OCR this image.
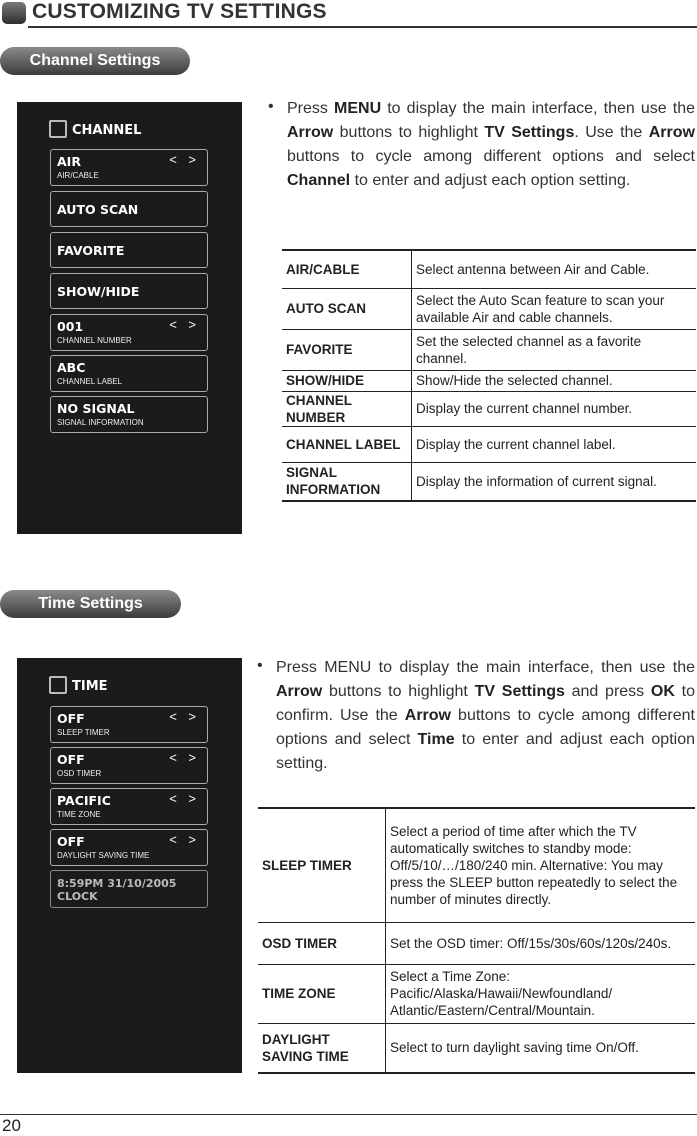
CUSTOMIZING TV SETTINGS
Channel Settings
CHANNEL
AIR
AIR/CABLE
< >
AUTO SCAN
FAVORITE
SHOW/HIDE
001
CHANNEL NUMBER
< >
ABC
CHANNEL LABEL
NO SIGNAL
SIGNAL INFORMATION
• Press MENU to display the main interface, then use the Arrow buttons to highlight TV Settings. Use the Arrow buttons to cycle among different options and select Channel to enter and adjust each option setting.
AIR/CABLE	Select antenna between Air and Cable.
AUTO SCAN	Select the Auto Scan feature to scan your available Air and cable channels.
FAVORITE	Set the selected channel as a favorite channel.
SHOW/HIDE	Show/Hide the selected channel.
CHANNEL NUMBER	Display the current channel number.
CHANNEL LABEL	Display the current channel label.
SIGNAL INFORMATION	Display the information of current signal.
Time Settings
TIME
OFF
SLEEP TIMER
< >
OFF
OSD TIMER
< >
PACIFIC
TIME ZONE
< >
OFF
DAYLIGHT SAVING TIME
< >
8:59PM 31/10/2005
CLOCK
• Press MENU to display the main interface, then use the Arrow buttons to highlight TV Settings and press OK to confirm. Use the Arrow buttons to cycle among different options and select Time to enter and adjust each option setting.
SLEEP TIMER	Select a period of time after which the TV automatically switches to standby mode: Off/5/10/…/180/240 min. Alternative: You may press the SLEEP button repeatedly to select the number of minutes directly.
OSD TIMER	Set the OSD timer: Off/15s/30s/60s/120s/240s.
TIME ZONE	Select a Time Zone: Pacific/Alaska/Hawaii/Newfoundland/ Atlantic/Eastern/Central/Mountain.
DAYLIGHT SAVING TIME	Select to turn daylight saving time On/Off.
20
